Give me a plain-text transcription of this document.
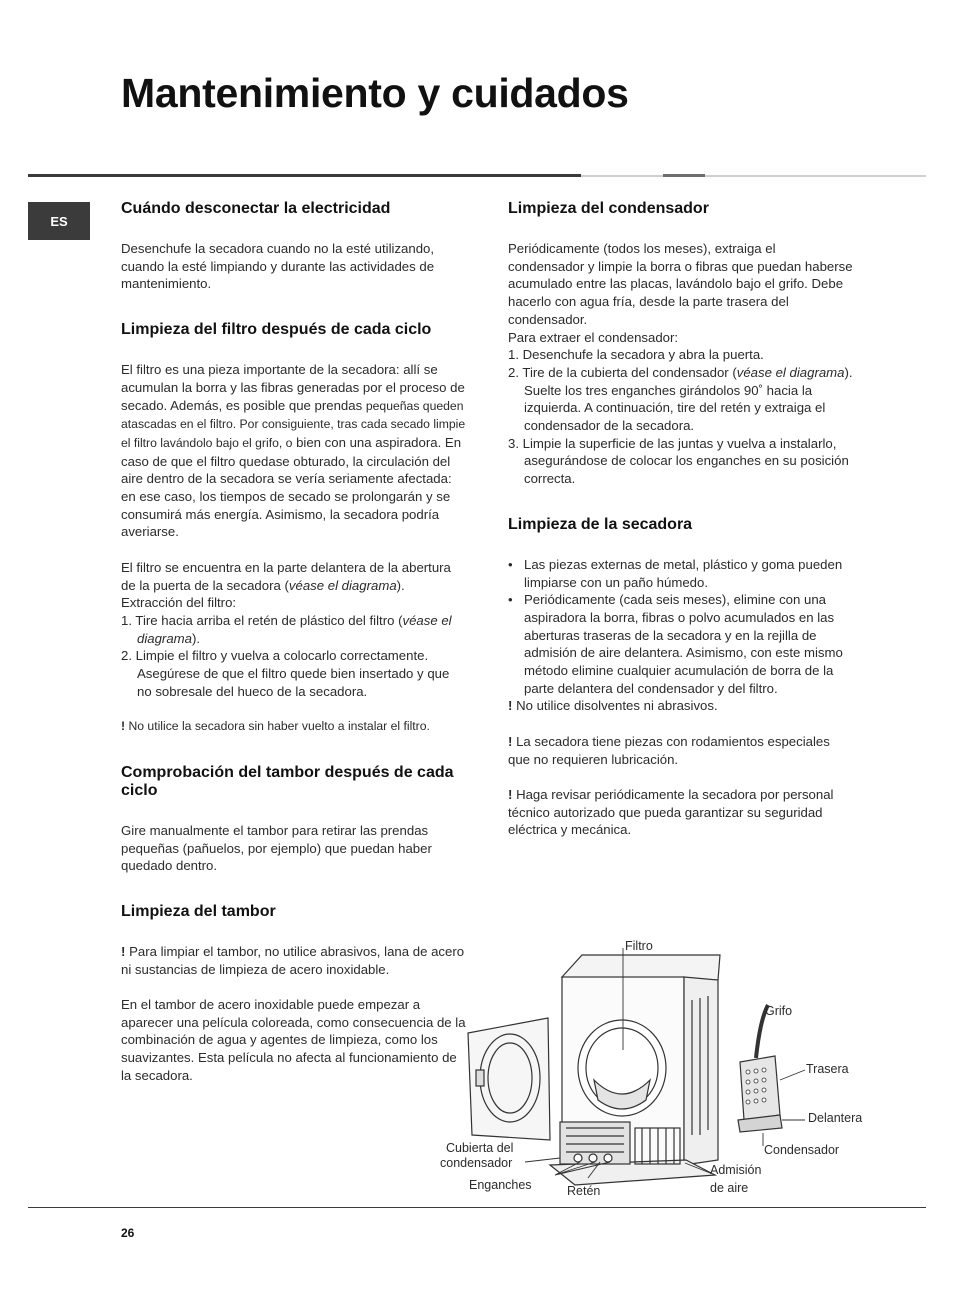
Mantenimiento y cuidados
ES
Cuándo desconectar la electricidad

Desenchufe la secadora cuando no la esté utilizando, cuando la esté limpiando y durante las actividades de mantenimiento.

Limpieza del filtro después de cada ciclo

El filtro es una pieza importante de la secadora: allí se acumulan la borra y las fibras generadas por el proceso de secado. Además, es posible que prendas pequeñas queden atascadas en el filtro. Por consiguiente, tras cada secado limpie el filtro lavándolo bajo el grifo, o bien con una aspiradora. En caso de que el filtro quedase obturado, la circulación del aire dentro de la secadora se vería seriamente afectada: en ese caso, los tiempos de secado se prolongarán y se consumirá más energía. Asimismo, la secadora podría averiarse.

El filtro se encuentra en la parte delantera de la abertura de la puerta de la secadora (véase el diagrama).

Extracción del filtro:

1. Tire hacia arriba el retén de plástico del filtro (véase el diagrama).
2. Limpie el filtro y vuelva a colocarlo correctamente. Asegúrese de que el filtro quede bien insertado y que no sobresale del hueco de la secadora.

! No utilice la secadora sin haber vuelto a instalar el filtro.

Comprobación del tambor después de cada ciclo

Gire manualmente el tambor para retirar las prendas pequeñas (pañuelos, por ejemplo) que puedan haber quedado dentro.

Limpieza del tambor

! Para limpiar el tambor, no utilice abrasivos, lana de acero ni sustancias de limpieza de acero inoxidable.

En el tambor de acero inoxidable puede empezar a aparecer una película coloreada, como consecuencia de la combinación de agua y agentes de limpieza, como los suavizantes. Esta película no afecta al funcionamiento de la secadora.

Limpieza del condensador

Periódicamente (todos los meses), extraiga el condensador y limpie la borra o fibras que puedan haberse acumulado entre las placas, lavándolo bajo el grifo. Debe hacerlo con agua fría, desde la parte trasera del condensador.

Para extraer el condensador:

1. Desenchufe la secadora y abra la puerta.
2. Tire de la cubierta del condensador (véase el diagrama). Suelte los tres enganches girándolos 90˚ hacia la izquierda. A continuación, tire del retén y extraiga el condensador de la secadora.
3. Limpie la superficie de las juntas y vuelva a instalarlo, asegurándose de colocar los enganches en su posición correcta.
Limpieza de la secadora
• Las piezas externas de metal, plástico y goma pueden limpiarse con un paño húmedo.
• Periódicamente (cada seis meses), elimine con una aspiradora la borra, fibras o polvo acumulados en las aberturas traseras de la secadora y en la rejilla de admisión de aire delantera. Asimismo, con este mismo método elimine cualquier acumulación de borra de la parte delantera del condensador y del filtro.

! No utilice disolventes ni abrasivos.

! La secadora tiene piezas con rodamientos especiales que no requieren lubricación.

! Haga revisar periódicamente la secadora por personal técnico autorizado que pueda garantizar su seguridad eléctrica y mecánica.

Filtro
Grifo
Trasera
Delantera
Condensador
Cubierta del
condensador
Enganches	Retén
Admisión
de aire
26
